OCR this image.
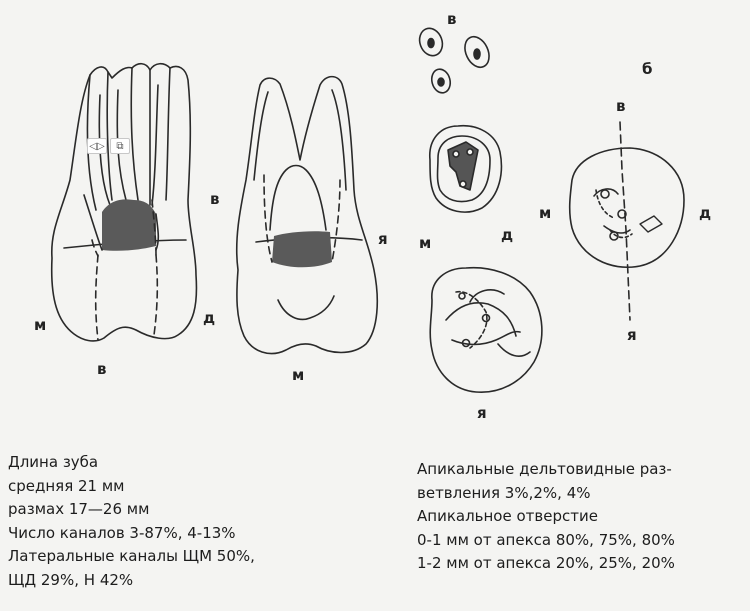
◁▷	⧉
в
м	д
в
я
м
в
м	д
я
б
в
м	д
я
Длина зуба
средняя 21 мм
размах 17—26 мм
Число каналов 3-87%, 4-13%
Латеральные каналы ЩМ 50%,
ЩД 29%, Н 42%
Апикальные дельтовидные раз-
ветвления 3%,2%, 4%
Апикальное отверстие
0-1 мм от апекса 80%, 75%, 80%
1-2 мм от апекса 20%, 25%, 20%
